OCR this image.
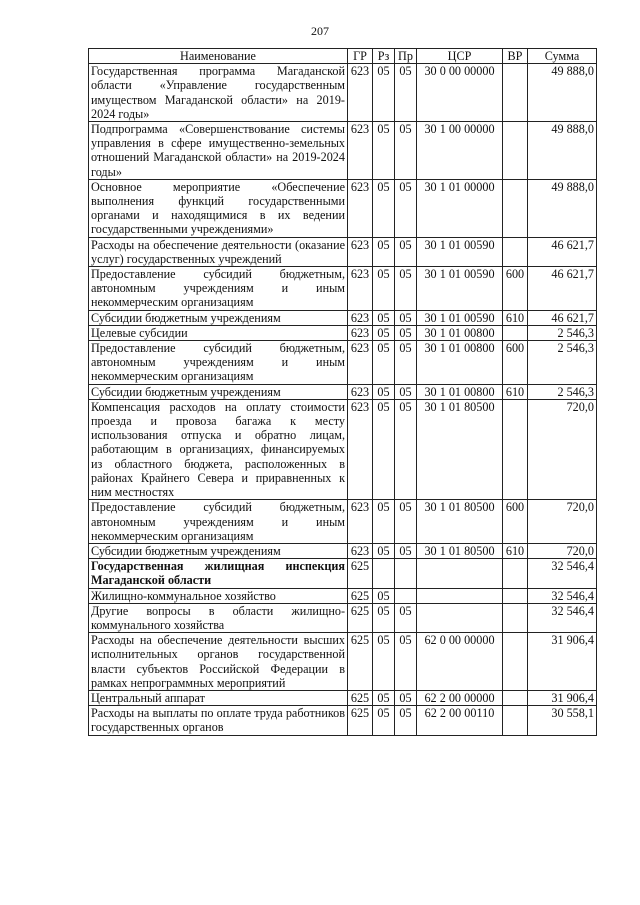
207
Наименование	ГР	Рз	Пр	ЦСР	ВР	Сумма
Государственная программа Магаданской области «Управление государственным имуществом Магаданской области» на 2019-2024 годы»	623	05	05	30 0 00 00000		49 888,0
Подпрограмма «Совершенствование системы управления в сфере имущественно-земельных отношений Магаданской области» на 2019-2024 годы»	623	05	05	30 1 00 00000		49 888,0
Основное мероприятие «Обеспечение выполнения функций государственными органами и находящимися в их ведении государственными учреждениями»	623	05	05	30 1 01 00000		49 888,0
Расходы на обеспечение деятельности (оказание услуг) государственных учреждений	623	05	05	30 1 01 00590		46 621,7
Предоставление субсидий бюджетным, автономным учреждениям и иным некоммерческим организациям	623	05	05	30 1 01 00590	600	46 621,7
Субсидии бюджетным учреждениям	623	05	05	30 1 01 00590	610	46 621,7
Целевые субсидии	623	05	05	30 1 01 00800		2 546,3
Предоставление субсидий бюджетным, автономным учреждениям и иным некоммерческим организациям	623	05	05	30 1 01 00800	600	2 546,3
Субсидии бюджетным учреждениям	623	05	05	30 1 01 00800	610	2 546,3
Компенсация расходов на оплату стоимости проезда и провоза багажа к месту использования отпуска и обратно лицам, работающим в организациях, финансируемых из областного бюджета, расположенных в районах Крайнего Севера и приравненных к ним местностях	623	05	05	30 1 01 80500		720,0
Предоставление субсидий бюджетным, автономным учреждениям и иным некоммерческим организациям	623	05	05	30 1 01 80500	600	720,0
Субсидии бюджетным учреждениям	623	05	05	30 1 01 80500	610	720,0
Государственная жилищная инспекция Магаданской области	625					32 546,4
Жилищно-коммунальное хозяйство	625	05				32 546,4
Другие вопросы в области жилищно-коммунального хозяйства	625	05	05			32 546,4
Расходы на обеспечение деятельности высших исполнительных органов государственной власти субъектов Российской Федерации в рамках непрограммных мероприятий	625	05	05	62 0 00 00000		31 906,4
Центральный аппарат	625	05	05	62 2 00 00000		31 906,4
Расходы на выплаты по оплате труда работников государственных органов	625	05	05	62 2 00 00110		30 558,1
